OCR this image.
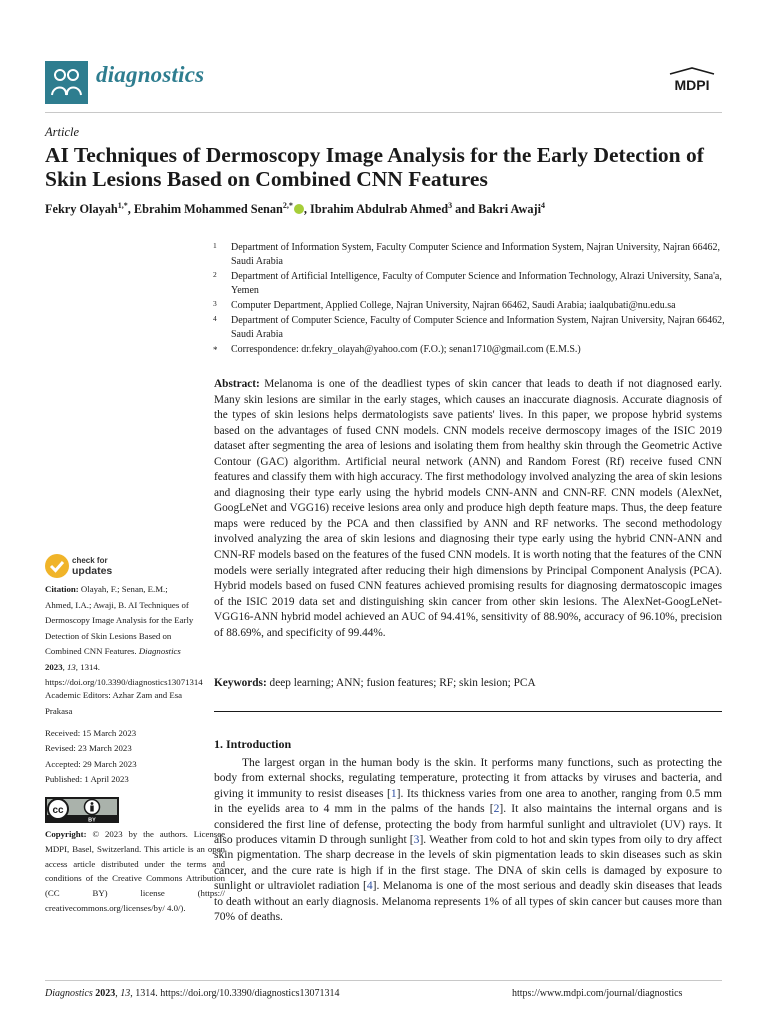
diagnostics	MDPI
Article
AI Techniques of Dermoscopy Image Analysis for the Early Detection of Skin Lesions Based on Combined CNN Features
Fekry Olayah$^{1,*}$, Ebrahim Mohammed Senan$^{2,*}$ , Ibrahim Abdulrab Ahmed$^3$ and Bakri Awaji$^4$
1 Department of Information System, Faculty Computer Science and Information System, Najran University, Najran 66462, Saudi Arabia
2 Department of Artificial Intelligence, Faculty of Computer Science and Information Technology, Alrazi University, Sana'a, Yemen
3 Computer Department, Applied College, Najran University, Najran 66462, Saudi Arabia; iaalqubati@nu.edu.sa
4 Department of Computer Science, Faculty of Computer Science and Information System, Najran University, Najran 66462, Saudi Arabia
* Correspondence: dr.fekry_olayah@yahoo.com (F.O.); senan1710@gmail.com (E.M.S.)
Abstract: Melanoma is one of the deadliest types of skin cancer that leads to death if not diagnosed early. Many skin lesions are similar in the early stages, which causes an inaccurate diagnosis. Accurate diagnosis of the types of skin lesions helps dermatologists save patients' lives. In this paper, we propose hybrid systems based on the advantages of fused CNN models. CNN models receive dermoscopy images of the ISIC 2019 dataset after segmenting the area of lesions and isolating them from healthy skin through the Geometric Active Contour (GAC) algorithm. Artificial neural network (ANN) and Random Forest (Rf) receive fused CNN features and classify them with high accuracy. The first methodology involved analyzing the area of skin lesions and diagnosing their type early using the hybrid models CNN-ANN and CNN-RF. CNN models (AlexNet, GoogLeNet and VGG16) receive lesions area only and produce high depth feature maps. Thus, the deep feature maps were reduced by the PCA and then classified by ANN and RF networks. The second methodology involved analyzing the area of skin lesions and diagnosing their type early using the hybrid CNN-ANN and CNN-RF models based on the features of the fused CNN models. It is worth noting that the features of the CNN models were serially integrated after reducing their high dimensions by Principal Component Analysis (PCA). Hybrid models based on fused CNN features achieved promising results for diagnosing dermatoscopic images of the ISIC 2019 data set and distinguishing skin cancer from other skin lesions. The AlexNet-GoogLeNet-VGG16-ANN hybrid model achieved an AUC of 94.41%, sensitivity of 88.90%, accuracy of 96.10%, precision of 88.69%, and specificity of 99.44%.
Keywords: deep learning; ANN; fusion features; RF; skin lesion; PCA
1. Introduction

The largest organ in the human body is the skin. It performs many functions, such as protecting the body from external shocks, regulating temperature, protecting it from attacks by viruses and bacteria, and giving it immunity to resist diseases [1]. Its thickness varies from one area to another, ranging from 0.5 mm in the eyelids area to 4 mm in the palms of the hands [2]. It also maintains the internal organs and is considered the first line of defense, protecting the body from harmful sunlight and ultraviolet (UV) rays. It also produces vitamin D through sunlight [3]. Weather from cold to hot and skin types from oily to dry affect skin pigmentation. The sharp decrease in the levels of skin pigmentation leads to skin diseases such as skin cancer, and the cure rate is high if in the first stage. The DNA of skin cells is damaged by exposure to sunlight or ultraviolet radiation [4]. Melanoma is one of the most serious and deadly skin diseases that leads to death without an early diagnosis. Melanoma represents 1% of all types of skin cancer but causes more than 70% of deaths.

check for
updates
Citation: Olayah, F.; Senan, E.M.; Ahmed, I.A.; Awaji, B. AI Techniques of Dermoscopy Image Analysis for the Early Detection of Skin Lesions Based on Combined CNN Features. Diagnostics 2023, 13, 1314. https://doi.org/10.3390/diagnostics13071314
Academic Editors: Azhar Zam and Esa Prakasa
Received: 15 March 2023
Revised: 23 March 2023
Accepted: 29 March 2023
Published: 1 April 2023
cc
BY
Copyright: © 2023 by the authors. Licensee MDPI, Basel, Switzerland. This article is an open access article distributed under the terms and conditions of the Creative Commons Attribution (CC BY) license (https:// creativecommons.org/licenses/by/ 4.0/).
Diagnostics 2023, 13, 1314. https://doi.org/10.3390/diagnostics13071314	https://www.mdpi.com/journal/diagnostics
